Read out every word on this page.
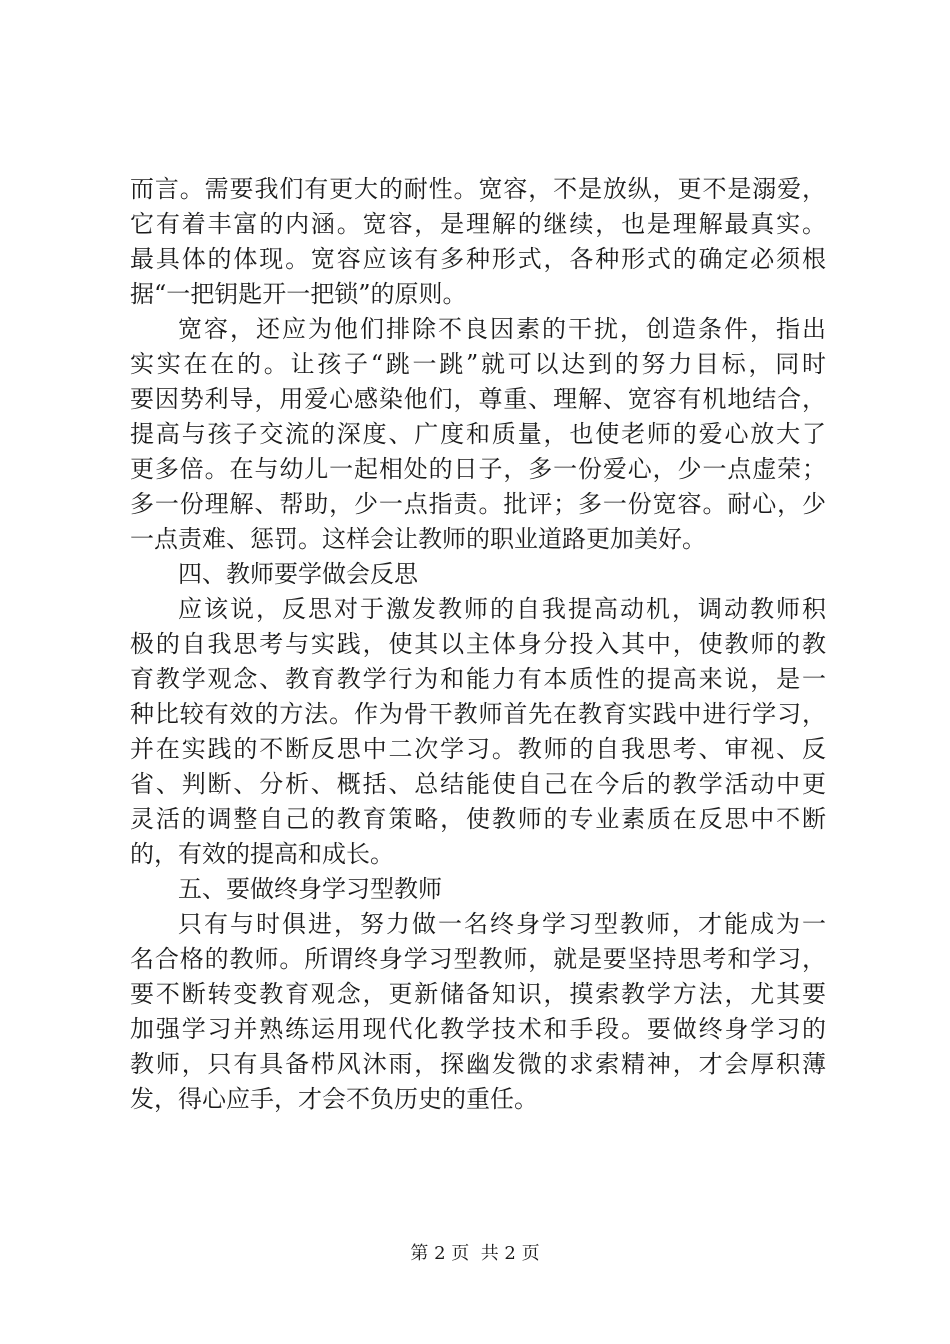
而言。需要我们有更大的耐性。宽容，不是放纵，更不是溺爱，
它有着丰富的内涵。宽容，是理解的继续，也是理解最真实。
最具体的体现。宽容应该有多种形式，各种形式的确定必须根
据“一把钥匙开一把锁”的原则。
宽容，还应为他们排除不良因素的干扰，创造条件，指出
实实在在的。让孩子“跳一跳”就可以达到的努力目标，同时
要因势利导，用爱心感染他们，尊重、理解、宽容有机地结合，
提高与孩子交流的深度、广度和质量，也使老师的爱心放大了
更多倍。在与幼儿一起相处的日子，多一份爱心，少一点虚荣；
多一份理解、帮助，少一点指责。批评；多一份宽容。耐心，少
一点责难、惩罚。这样会让教师的职业道路更加美好。
四、教师要学做会反思
应该说，反思对于激发教师的自我提高动机，调动教师积
极的自我思考与实践，使其以主体身分投入其中，使教师的教
育教学观念、教育教学行为和能力有本质性的提高来说，是一
种比较有效的方法。作为骨干教师首先在教育实践中进行学习，
并在实践的不断反思中二次学习。教师的自我思考、审视、反
省、判断、分析、概括、总结能使自己在今后的教学活动中更
灵活的调整自己的教育策略，使教师的专业素质在反思中不断
的，有效的提高和成长。
五、要做终身学习型教师
只有与时俱进，努力做一名终身学习型教师，才能成为一
名合格的教师。所谓终身学习型教师，就是要坚持思考和学习，
要不断转变教育观念，更新储备知识，摸索教学方法，尤其要
加强学习并熟练运用现代化教学技术和手段。要做终身学习的
教师，只有具备栉风沐雨，探幽发微的求索精神，才会厚积薄
发，得心应手，才会不负历史的重任。
第 2 页  共 2 页
